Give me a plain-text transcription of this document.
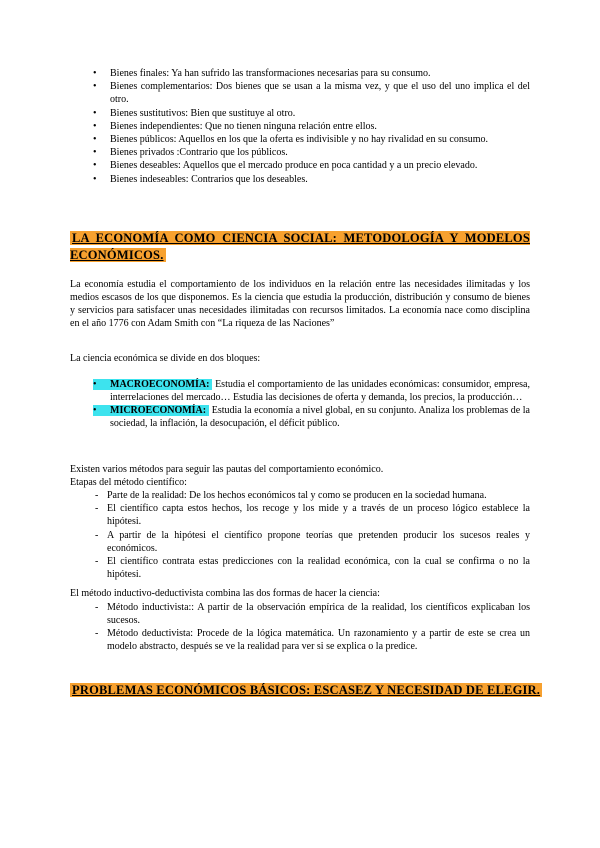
• Bienes finales: Ya han sufrido las transformaciones necesarias para su consumo.
• Bienes complementarios: Dos bienes que se usan a la misma vez, y que el uso del uno implica el del otro.
• Bienes sustitutivos: Bien que sustituye al otro.
• Bienes independientes: Que no tienen ninguna relación entre ellos.
• Bienes públicos: Aquellos en los que la oferta es indivisible y no hay rivalidad en su consumo.
• Bienes privados :Contrario que los públicos.
• Bienes deseables: Aquellos que el mercado produce en poca cantidad y a un precio elevado.
• Bienes indeseables: Contrarios que los deseables.
LA ECONOMÍA COMO CIENCIA SOCIAL: METODOLOGÍA Y MODELOS ECONÓMICOS.

La economía estudia el comportamiento de los individuos en la relación entre las necesidades ilimitadas y los medios escasos de los que disponemos. Es la ciencia que estudia la producción, distribución y consumo de bienes y servicios para satisfacer unas necesidades ilimitadas con recursos limitados. La economía nace como disciplina en el año 1776 con Adam Smith con “La riqueza de las Naciones”

La ciencia económica se divide en dos bloques:

• MACROECONOMÍA: Estudia el comportamiento de las unidades económicas: consumidor, empresa, interrelaciones del mercado… Estudia las decisiones de oferta y demanda, los precios, la producción…
• MICROECONOMÍA: Estudia la economía a nivel global, en su conjunto. Analiza los problemas de la sociedad, la inflación, la desocupación, el déficit público.

Existen varios métodos para seguir las pautas del comportamiento económico.

Etapas del método científico:

- Parte de la realidad: De los hechos económicos tal y como se producen en la sociedad humana.
- El científico capta estos hechos, los recoge y los mide y a través de un proceso lógico establece la hipótesi.
- A partir de la hipótesi el científico propone teorías que pretenden producir los sucesos reales y económicos.
- El científico contrata estas predicciones con la realidad económica, con la cual se confirma o no la hipótesi.

El método inductivo-deductivista combina las dos formas de hacer la ciencia:

- Método inductivista:: A partir de la observación empírica de la realidad, los científicos explicaban los sucesos.
- Método deductivista: Procede de la lógica matemática. Un razonamiento y a partir de este se crea un modelo abstracto, después se ve la realidad para ver si se explica o la predice.
PROBLEMAS ECONÓMICOS BÁSICOS: ESCASEZ Y NECESIDAD DE ELEGIR.
